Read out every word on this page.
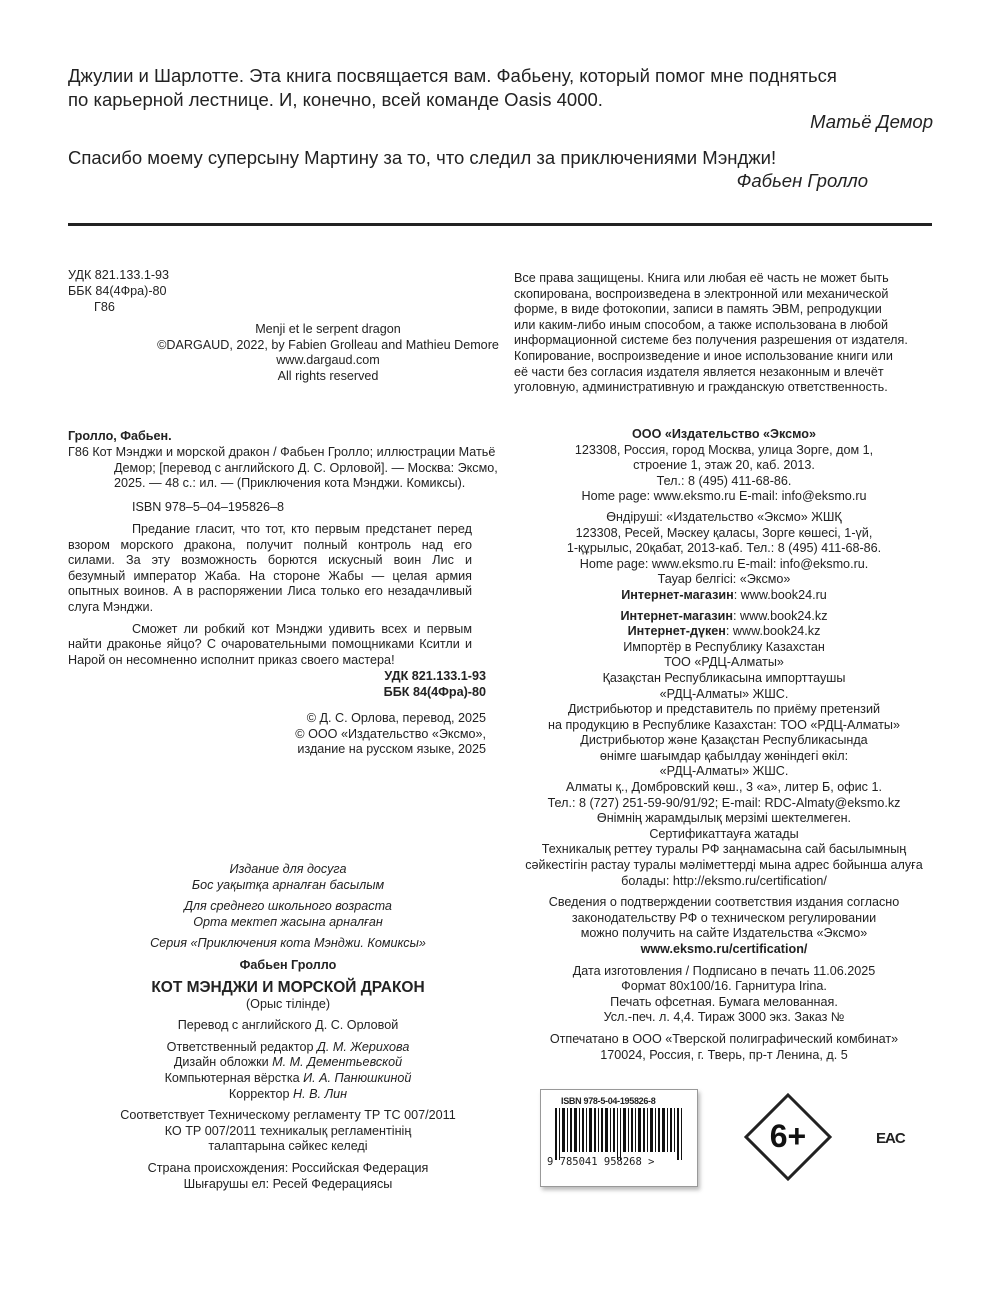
Джулии и Шарлотте. Эта книга посвящается вам. Фабьену, который помог мне подняться
по карьерной лестнице. И, конечно, всей команде Oasis 4000.
Матьё Демор
Спасибо моему суперсыну Мартину за то, что следил за приключениями Мэнджи!
Фабьен Гролло
УДК 821.133.1-93
ББК 84(4Фра)-80
Г86
Menji et le serpent dragon
©DARGAUD, 2022, by Fabien Grolleau and Mathieu Demore
www.dargaud.com
All rights reserved
Все права защищены. Книга или любая её часть не может быть
скопирована, воспроизведена в электронной или механической
форме, в виде фотокопии, записи в память ЭВМ, репродукции
или каким-либо иным способом, а также использована в любой
информационной системе без получения разрешения от издателя.
Копирование, воспроизведение и иное использование книги или
её части без согласия издателя является незаконным и влечёт
уголовную, административную и гражданскую ответственность.
Гролло, Фабьен.
Г86 Кот Мэнджи и морской дракон / Фабьен Гролло; иллюстрации Матьё
Демор; [перевод с английского Д. С. Орловой]. — Москва: Эксмо,
2025. — 48 с.: ил. — (Приключения кота Мэнджи. Комиксы).
ISBN 978–5–04–195826–8

Предание гласит, что тот, кто первым предстанет перед взором морского дракона, получит полный контроль над его силами. За эту возможность борются искусный воин Лис и безумный император Жаба. На стороне Жабы — целая армия опытных воинов. А в распоряжении Лиса только его незадачливый слуга Мэнджи.

Сможет ли робкий кот Мэнджи удивить всех и первым найти драконье яйцо? С очаровательными помощниками Кситли и Нарой он несомненно исполнит приказ своего мастера!

УДК 821.133.1-93
ББК 84(4Фра)-80
© Д. С. Орлова, перевод, 2025
© ООО «Издательство «Эксмо»,
издание на русском языке, 2025
ООО «Издательство «Эксмо»
123308, Россия, город Москва, улица Зорге, дом 1,
строение 1, этаж 20, каб. 2013.
Тел.: 8 (495) 411-68-86.
Home page: www.eksmo.ru E-mail: info@eksmo.ru
Өндіруші: «Издательство «Эксмо» ЖШҚ
123308, Ресей, Мәскеу қаласы, Зорге көшесі, 1-үй,
1-құрылыс, 20қабат, 2013-каб. Тел.: 8 (495) 411-68-86.
Home page: www.eksmo.ru E-mail: info@eksmo.ru.
Тауар белгісі: «Эксмо»
Интернет-магазин: www.book24.ru
Интернет-магазин: www.book24.kz
Интернет-дүкен: www.book24.kz
Импортёр в Республику Казахстан
ТОО «РДЦ-Алматы»
Қазақстан Республикасына импорттаушы
«РДЦ-Алматы» ЖШС.
Дистрибьютор и представитель по приёму претензий
на продукцию в Республике Казахстан: ТОО «РДЦ-Алматы»
Дистрибьютор және Қазақстан Республикасында
өнімге шағымдар қабылдау жөніндегі өкіл:
«РДЦ-Алматы» ЖШС.
Алматы қ., Домбровский көш., 3 «а», литер Б, офис 1.
Тел.: 8 (727) 251-59-90/91/92; E-mail: RDC-Almaty@eksmo.kz
Өнімнің жарамдылық мерзімі шектелмеген.
Сертификаттауға жатады
Техникалық реттеу туралы РФ заңнамасына сай басылымның
сәйкестігін растау туралы мәліметтерді мына адрес бойынша алуға
болады: http://eksmo.ru/certification/
Сведения о подтверждении соответствия издания согласно
законодательству РФ о техническом регулировании
можно получить на сайте Издательства «Эксмо»
www.eksmo.ru/certification/
Дата изготовления / Подписано в печать 11.06.2025
Формат 80x100/16. Гарнитура Irina.
Печать офсетная. Бумага мелованная.
Усл.-печ. л. 4,4. Тираж 3000 экз. Заказ №
Отпечатано в ООО «Тверской полиграфический комбинат»
170024, Россия, г. Тверь, пр-т Ленина, д. 5
Издание для досуга
Бос уақытқа арналған басылым
Для среднего школьного возраста
Орта мектеп жасына арналған
Серия «Приключения кота Мэнджи. Комиксы»
Фабьен Гролло
КОТ МЭНДЖИ И МОРСКОЙ ДРАКОН
(Орыс тілінде)
Перевод с английского Д. С. Орловой
Ответственный редактор Д. М. Жерихова
Дизайн обложки М. М. Дементьевской
Компьютерная вёрстка И. А. Панюшкиной
Корректор Н. В. Лин
Соответствует Техническому регламенту ТР ТС 007/2011
КО ТР 007/2011 техникалық регламентінің
талаптарына сәйкес келеді
Страна происхождения: Российская Федерация
Шығарушы ел: Ресей Федерациясы
ISBN 978-5-04-195826-8
9 785041 958268 >
6+	EAC
